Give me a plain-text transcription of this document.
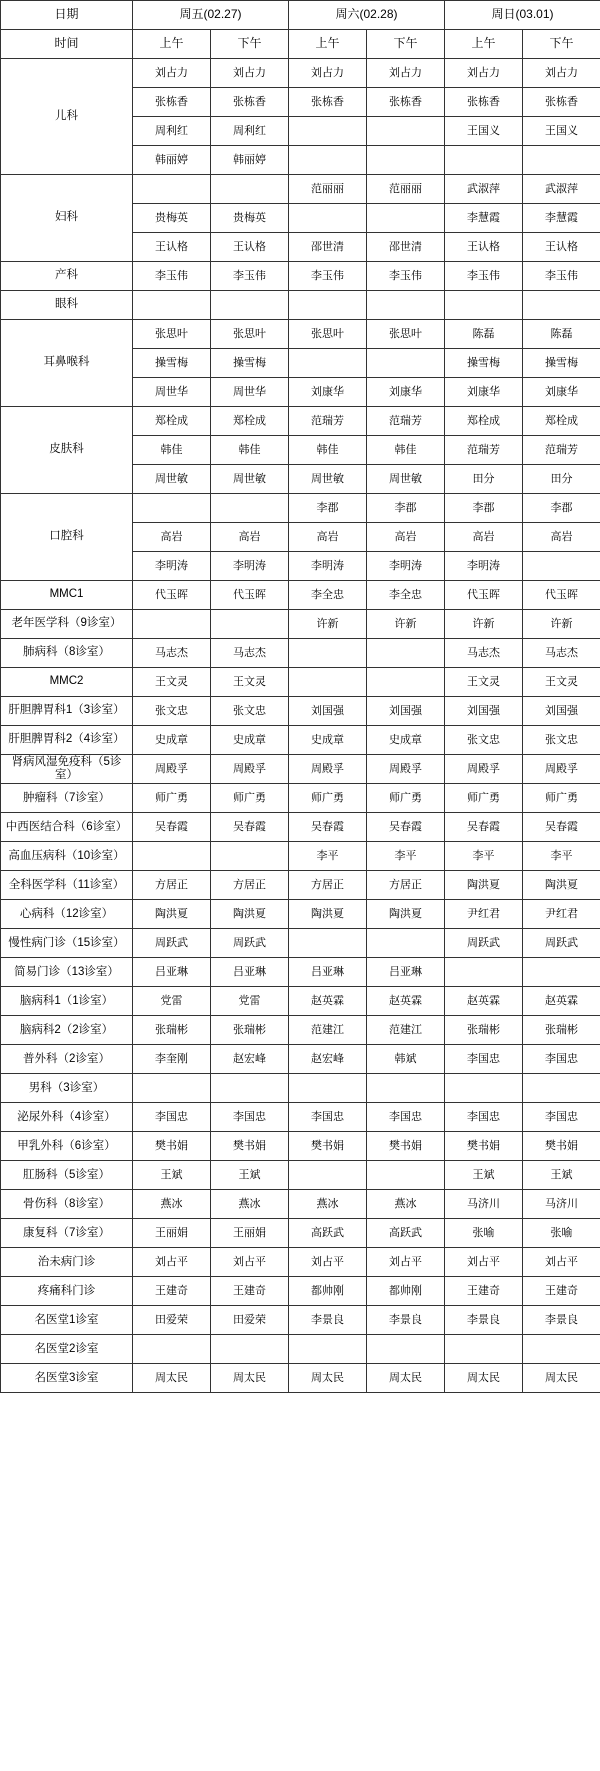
日期	周五(02.27)		周六(02.28)		周日(03.01)	
时间	上午	下午	上午	下午	上午	下午
儿科	刘占力	刘占力	刘占力	刘占力	刘占力	刘占力
	张栋香	张栋香	张栋香	张栋香	张栋香	张栋香
	周利红	周利红			王国义	王国义
	韩丽婷	韩丽婷				
妇科			范丽丽	范丽丽	武淑萍	武淑萍
	贵梅英	贵梅英			李慧霞	李慧霞
	王认格	王认格	邵世清	邵世清	王认格	王认格
产科	李玉伟	李玉伟	李玉伟	李玉伟	李玉伟	李玉伟
眼科						
耳鼻喉科	张思叶	张思叶	张思叶	张思叶	陈磊	陈磊
	操雪梅	操雪梅			操雪梅	操雪梅
	周世华	周世华	刘康华	刘康华	刘康华	刘康华
皮肤科	郑栓成	郑栓成	范瑞芳	范瑞芳	郑栓成	郑栓成
	韩佳	韩佳	韩佳	韩佳	范瑞芳	范瑞芳
	周世敏	周世敏	周世敏	周世敏	田分	田分
口腔科			李郡	李郡	李郡	李郡
	高岩	高岩	高岩	高岩	高岩	高岩
	李明涛	李明涛	李明涛	李明涛	李明涛	
MMC1	代玉晖	代玉晖	李全忠	李全忠	代玉晖	代玉晖
老年医学科（9诊室）			许新	许新	许新	许新
肺病科（8诊室）	马志杰	马志杰			马志杰	马志杰
MMC2	王文灵	王文灵			王文灵	王文灵
肝胆脾胃科1（3诊室）	张文忠	张文忠	刘国强	刘国强	刘国强	刘国强
肝胆脾胃科2（4诊室）	史成章	史成章	史成章	史成章	张文忠	张文忠
肾病风湿免疫科（5诊室）	周殿孚	周殿孚	周殿孚	周殿孚	周殿孚	周殿孚
肿瘤科（7诊室）	师广勇	师广勇	师广勇	师广勇	师广勇	师广勇
中西医结合科（6诊室）	吴春霞	吴春霞	吴春霞	吴春霞	吴春霞	吴春霞
高血压病科（10诊室）			李平	李平	李平	李平
全科医学科（11诊室）	方居正	方居正	方居正	方居正	陶洪夏	陶洪夏
心病科（12诊室）	陶洪夏	陶洪夏	陶洪夏	陶洪夏	尹红君	尹红君
慢性病门诊（15诊室）	周跃武	周跃武			周跃武	周跃武
简易门诊（13诊室）	吕亚琳	吕亚琳	吕亚琳	吕亚琳		
脑病科1（1诊室）	党雷	党雷	赵英霖	赵英霖	赵英霖	赵英霖
脑病科2（2诊室）	张瑞彬	张瑞彬	范建江	范建江	张瑞彬	张瑞彬
普外科（2诊室）	李奎刚	赵宏峰	赵宏峰	韩斌	李国忠	李国忠
男科（3诊室）						
泌尿外科（4诊室）	李国忠	李国忠	李国忠	李国忠	李国忠	李国忠
甲乳外科（6诊室）	樊书娟	樊书娟	樊书娟	樊书娟	樊书娟	樊书娟
肛肠科（5诊室）	王斌	王斌			王斌	王斌
骨伤科（8诊室）	燕冰	燕冰	燕冰	燕冰	马济川	马济川
康复科（7诊室）	王丽娟	王丽娟	高跃武	高跃武	张喻	张喻
治未病门诊	刘占平	刘占平	刘占平	刘占平	刘占平	刘占平
疼痛科门诊	王建奇	王建奇	都帅刚	都帅刚	王建奇	王建奇
名医堂1诊室	田爱荣	田爱荣	李景良	李景良	李景良	李景良
名医堂2诊室						
名医堂3诊室	周太民	周太民	周太民	周太民	周太民	周太民
